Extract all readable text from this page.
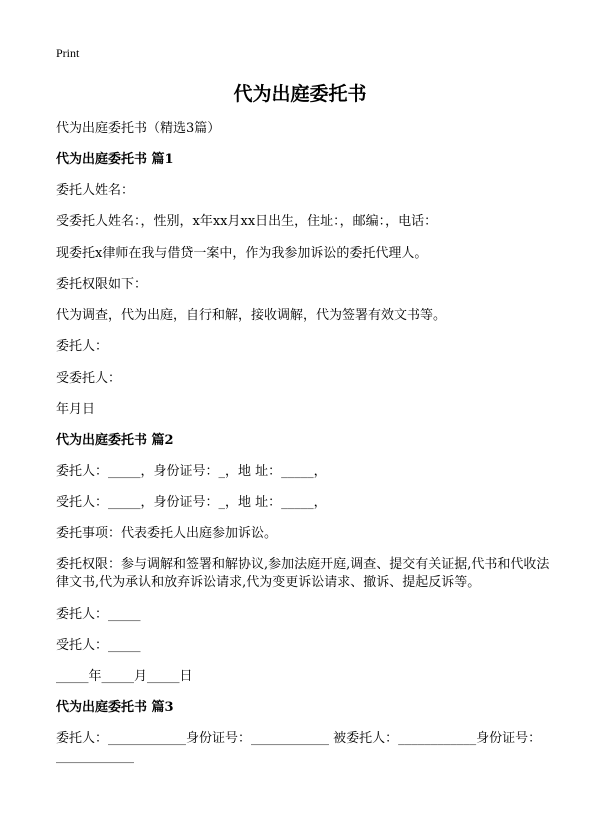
Print
代为出庭委托书

代为出庭委托书（精选3篇）

代为出庭委托书 篇1

委托人姓名：

受委托人姓名：，性别，x年xx月xx日出生，住址：，邮编：，电话：

现委托x律师在我与借贷一案中，作为我参加诉讼的委托代理人。

委托权限如下：

代为调查，代为出庭，自行和解，接收调解，代为签署有效文书等。

委托人：

受委托人：

年月日

代为出庭委托书 篇2

委托人：_____，身份证号：_，地 址：_____，

受托人：_____，身份证号：_，地 址：_____，

委托事项：代表委托人出庭参加诉讼。

委托权限：参与调解和签署和解协议,参加法庭开庭,调查、提交有关证据,代书和代收法律文书,代为承认和放弃诉讼请求,代为变更诉讼请求、撤诉、提起反诉等。

委托人：_____

受托人：_____

_____年_____月_____日

代为出庭委托书 篇3

委托人：____________身份证号：____________ 被委托人：____________身份证号：____________
